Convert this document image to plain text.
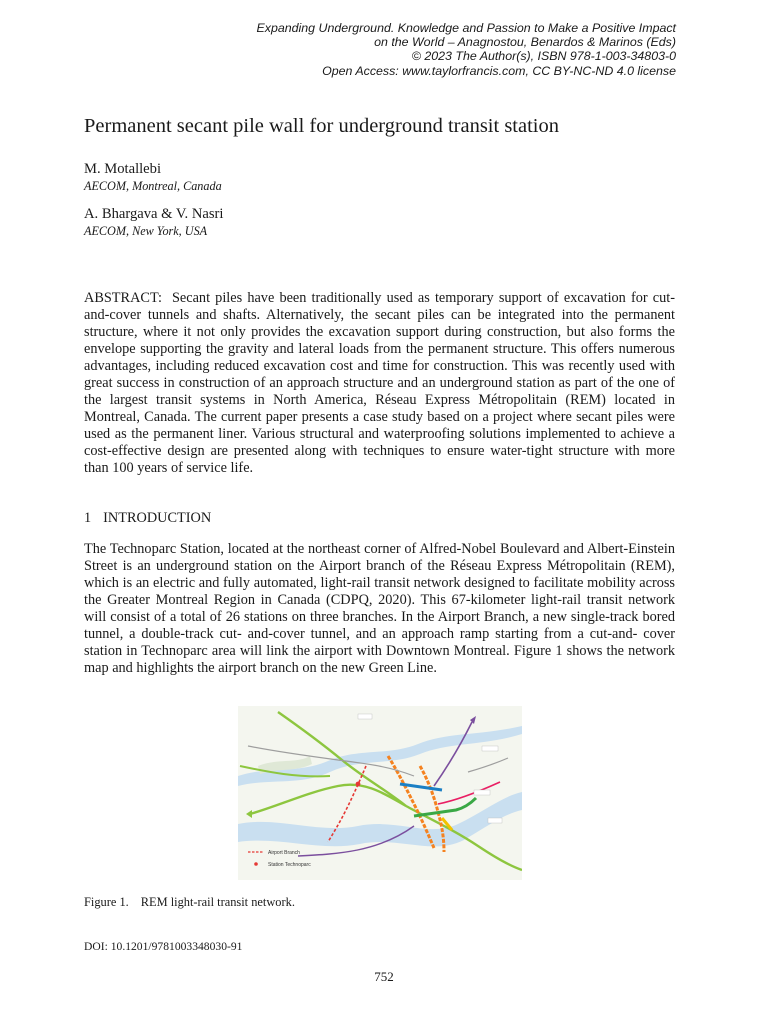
Expanding Underground. Knowledge and Passion to Make a Positive Impact
on the World – Anagnostou, Benardos & Marinos (Eds)
© 2023 The Author(s), ISBN 978-1-003-34803-0
Open Access: www.taylorfrancis.com, CC BY-NC-ND 4.0 license
Permanent secant pile wall for underground transit station
M. Motallebi
AECOM, Montreal, Canada
A. Bhargava & V. Nasri
AECOM, New York, USA

ABSTRACT: Secant piles have been traditionally used as temporary support of excavation for cut-and-cover tunnels and shafts. Alternatively, the secant piles can be integrated into the permanent structure, where it not only provides the excavation support during construction, but also forms the envelope supporting the gravity and lateral loads from the permanent structure. This offers numerous advantages, including reduced excavation cost and time for construction. This was recently used with great success in construction of an approach structure and an underground station as part of the one of the largest transit systems in North America, Réseau Express Métropolitain (REM) located in Montreal, Canada. The current paper presents a case study based on a project where secant piles were used as the permanent liner. Various structural and waterproofing solutions implemented to achieve a cost-effective design are presented along with techniques to ensure water-tight structure with more than 100 years of service life.

1 INTRODUCTION

The Technoparc Station, located at the northeast corner of Alfred-Nobel Boulevard and Albert-Einstein Street is an underground station on the Airport branch of the Réseau Express Métropolitain (REM), which is an electric and fully automated, light-rail transit network designed to facilitate mobility across the Greater Montreal Region in Canada (CDPQ, 2020). This 67-kilometer light-rail transit network will consist of a total of 26 stations on three branches. In the Airport Branch, a new single-track bored tunnel, a double-track cut- and-cover tunnel, and an approach ramp starting from a cut-and- cover station in Technoparc area will link the airport with Downtown Montreal. Figure 1 shows the network map and highlights the airport branch on the new Green Line.

Airport Branch
Station Technoparc
Figure 1. REM light-rail transit network.
DOI: 10.1201/9781003348030-91
752
